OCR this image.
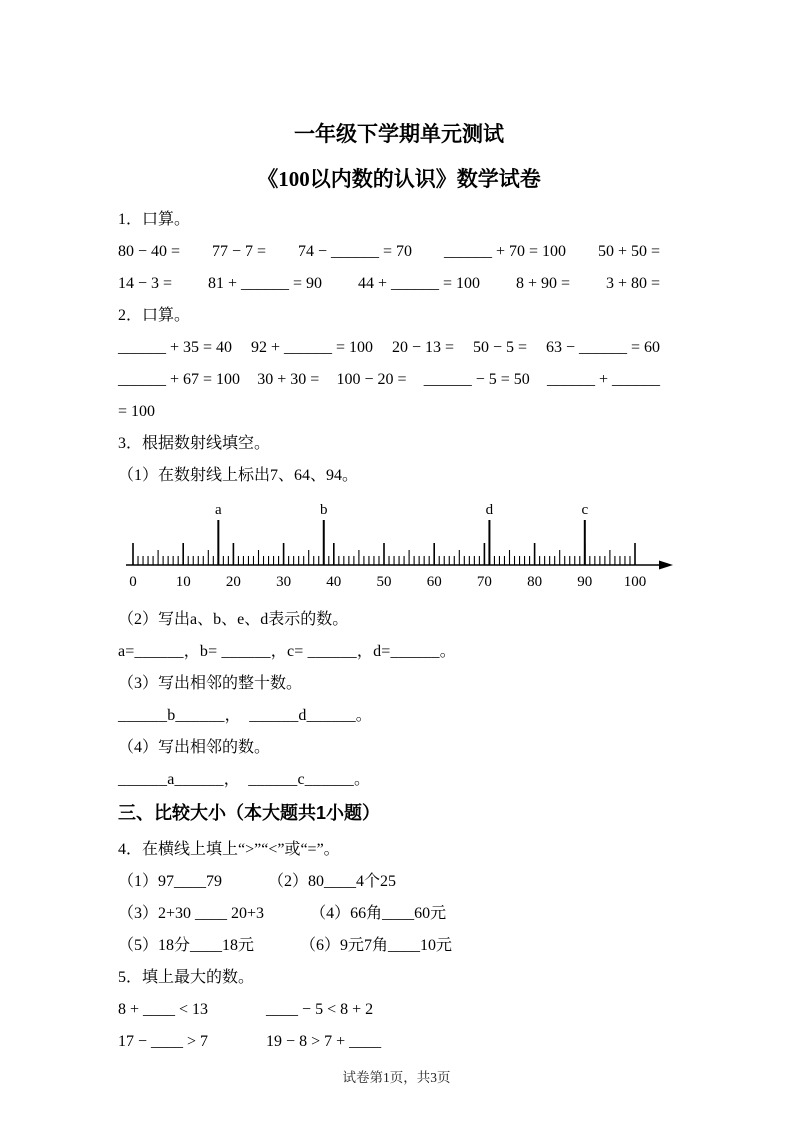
一年级下学期单元测试
《100以内数的认识》数学试卷

1．口算。

80 − 40 = 77 − 7 = 74 − ______ = 70 ______ + 70 = 100 50 + 50 =
14 − 3 = 81 + ______ = 90 44 + ______ = 100 8 + 90 = 3 + 80 =

2．口算。

______ + 35 = 40 92 + ______ = 100 20 − 13 = 50 − 5 = 63 − ______ = 60
______ + 67 = 100 30 + 30 = 100 − 20 = ______ − 5 = 50 ______ + ______

= 100

3．根据数射线填空。

（1）在数射线上标出7、64、94。

0	10 20 30 40 50 60 70 80 90 100
a	b	d	c

（2）写出a、b、e、d表示的数。

a=______，b= ______，c= ______，d=______。

（3）写出相邻的整十数。

______b______，  ______d______。

（4）写出相邻的数。

______a______，  ______c______。

三、比较大小（本大题共1小题）

4．在横线上填上“>”“<”或“=”。

（1）97____79	（2）80____4个25
（3）2+30 ____ 20+3	（4）66角____60元
（5）18分____18元	（6）9元7角____10元

5．填上最大的数。

8 + ____ < 13	____ − 5 < 8 + 2
17 − ____ > 7	19 − 8 > 7 + ____
试卷第1页，共3页
